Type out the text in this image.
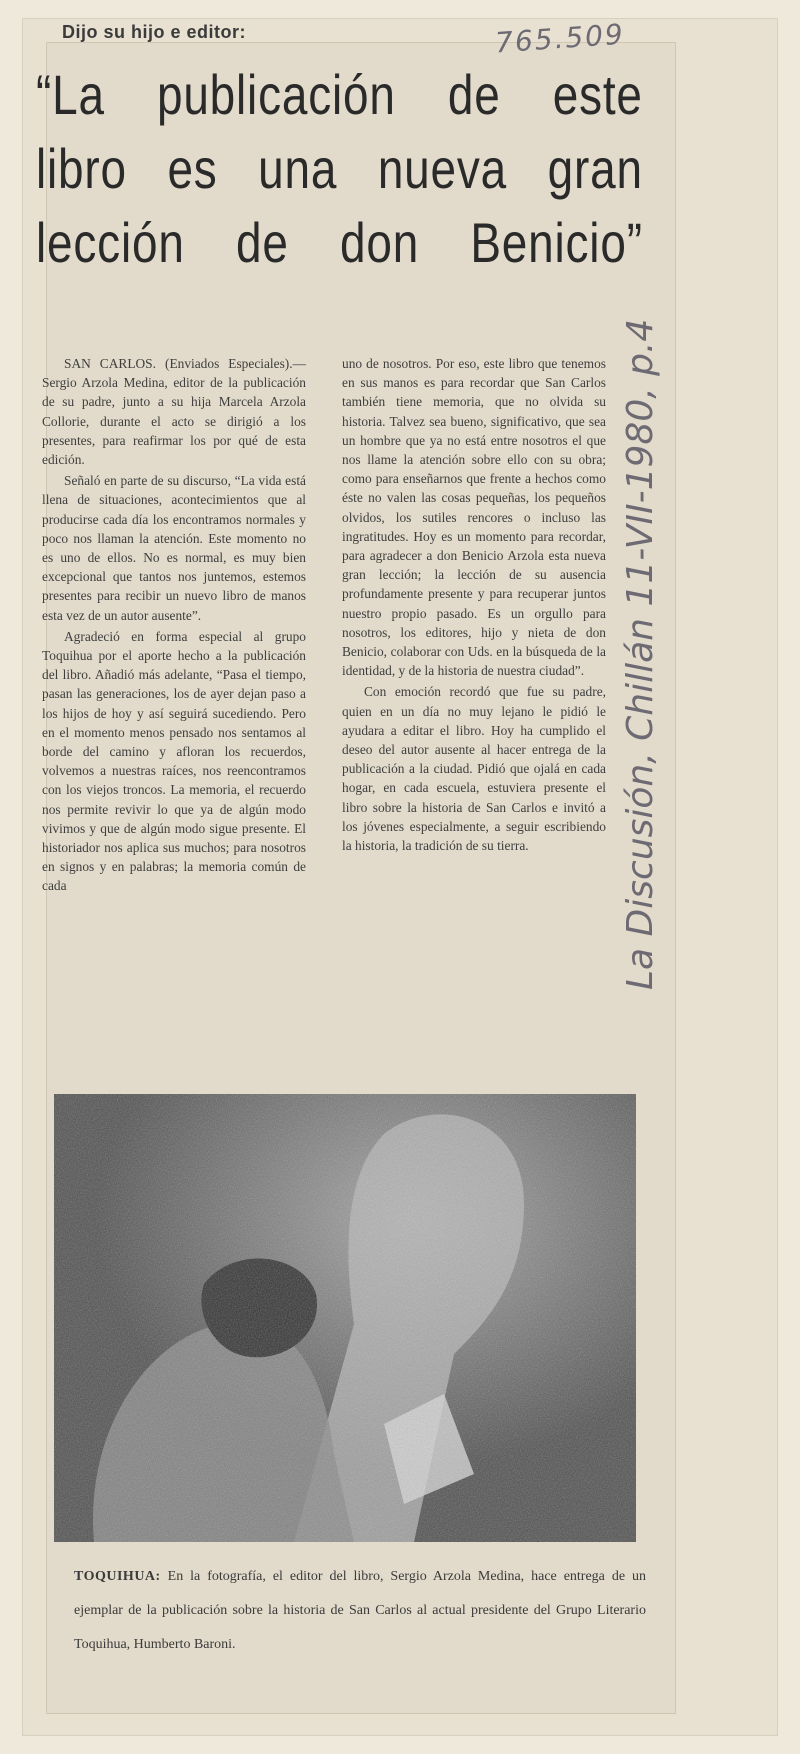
765.509
La Discusión, Chillán 11-VII-1980, p.4
Dijo su hijo e editor:
“La publicación de este
libro es una nueva gran
lección de don Benicio”

SAN CARLOS. (Enviados Especiales).— Sergio Arzola Medina, editor de la publicación de su padre, junto a su hija Marcela Arzola Collorie, durante el acto se dirigió a los presentes, para reafirmar los por qué de esta edición.

Señaló en parte de su discurso, “La vida está llena de situaciones, acontecimientos que al producirse cada día los encontramos normales y poco nos llaman la atención. Este momento no es uno de ellos. No es normal, es muy bien excepcional que tantos nos juntemos, estemos presentes para recibir un nuevo libro de manos esta vez de un autor ausente”.

Agradeció en forma especial al grupo Toquihua por el aporte hecho a la publicación del libro. Añadió más adelante, “Pasa el tiempo, pasan las generaciones, los de ayer dejan paso a los hijos de hoy y así seguirá sucediendo. Pero en el momento menos pensado nos sentamos al borde del camino y afloran los recuerdos, volvemos a nuestras raíces, nos reencontramos con los viejos troncos. La memoria, el recuerdo nos permite revivir lo que ya de algún modo vivimos y que de algún modo sigue presente. El historiador nos aplica sus muchos; para nosotros en signos y en palabras; la memoria común de cada

uno de nosotros. Por eso, este libro que tenemos en sus manos es para recordar que San Carlos también tiene memoria, que no olvida su historia. Talvez sea bueno, significativo, que sea un hombre que ya no está entre nosotros el que nos llame la atención sobre ello con su obra; como para enseñarnos que frente a hechos como éste no valen las cosas pequeñas, los pequeños olvidos, los sutiles rencores o incluso las ingratitudes. Hoy es un momento para recordar, para agradecer a don Benicio Arzola esta nueva gran lección; la lección de su ausencia profundamente presente y para recuperar juntos nuestro propio pasado. Es un orgullo para nosotros, los editores, hijo y nieta de don Benicio, colaborar con Uds. en la búsqueda de la identidad, y de la historia de nuestra ciudad”.

Con emoción recordó que fue su padre, quien en un día no muy lejano le pidió le ayudara a editar el libro. Hoy ha cumplido el deseo del autor ausente al hacer entrega de la publicación a la ciudad. Pidió que ojalá en cada hogar, en cada escuela, estuviera presente el libro sobre la historia de San Carlos e invitó a los jóvenes especialmente, a seguir escribiendo la historia, la tradición de su tierra.

TOQUIHUA: En la fotografía, el editor del libro, Sergio Arzola Medina, hace entrega de un ejemplar de la publicación sobre la historia de San Carlos al actual presidente del Grupo Literario Toquihua, Humberto Baroni.
